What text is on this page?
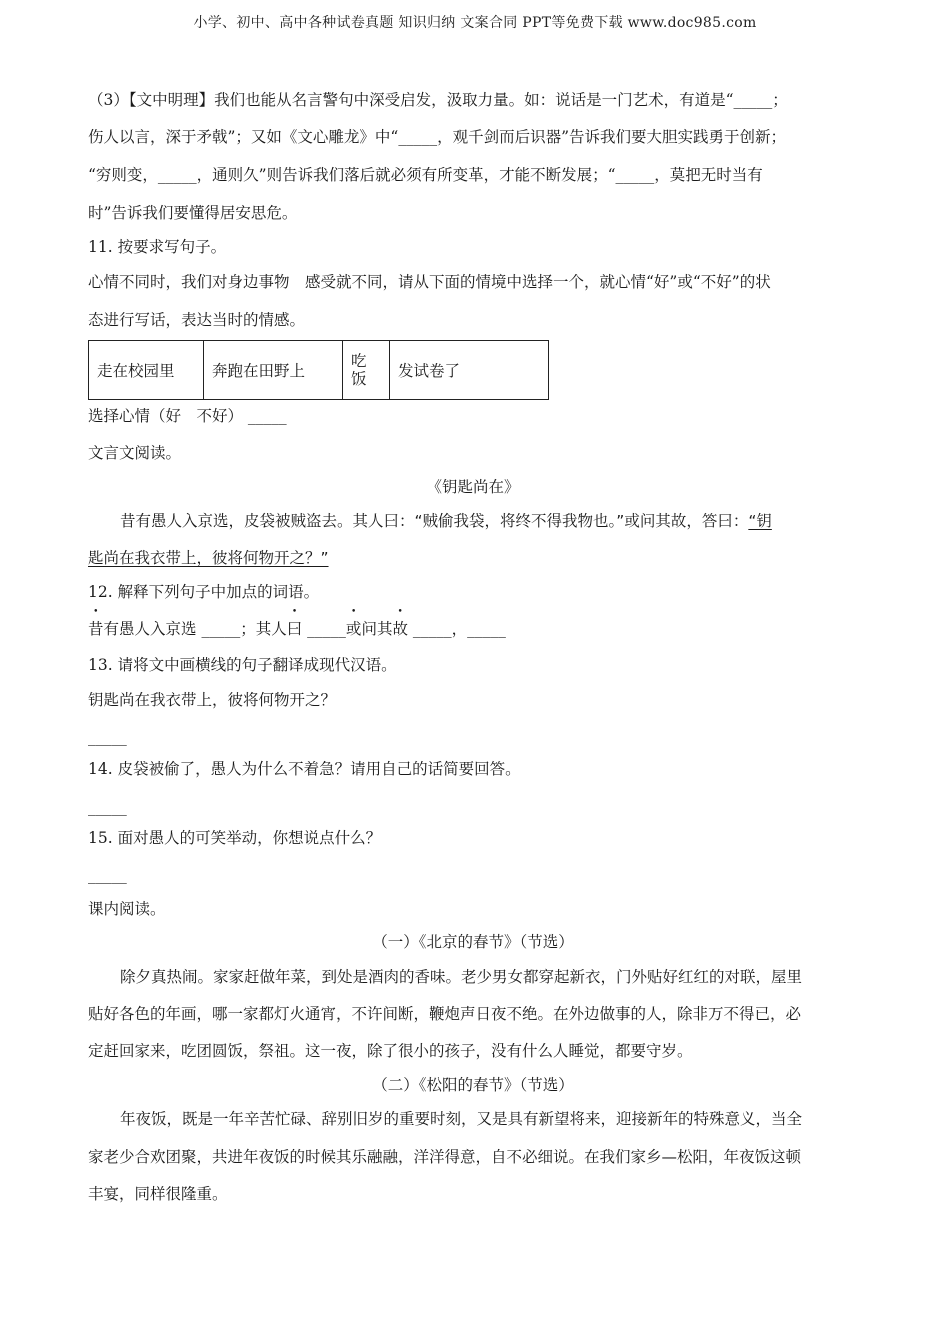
小学、初中、高中各种试卷真题 知识归纳 文案合同 PPT等免费下载 www.doc985.com
（3）【文中明理】我们也能从名言警句中深受启发，汲取力量。如：说话是一门艺术，有道是“_____；
伤人以言，深于矛戟”；又如《文心雕龙》中“_____，观千剑而后识器”告诉我们要大胆实践勇于创新；
“穷则变，_____，通则久”则告诉我们落后就必须有所变革，才能不断发展；“_____，莫把无时当有
时”告诉我们要懂得居安思危。
11. 按要求写句子。
心情不同时，我们对身边事物　感受就不同，请从下面的情境中选择一个，就心情“好”或“不好”的状
态进行写话，表达当时的情感。
走在校园里	奔跑在田野上	吃饭	发试卷了
选择心情（好　不好） _____
文言文阅读。
《钥匙尚在》
昔有愚人入京选，皮袋被贼盗去。其人曰：“贼偷我袋，将终不得我物也。”或问其故，答曰：“钥
匙尚在我衣带上，彼将何物开之？”
12. 解释下列句子中加点的词语。
昔有愚人入京选 _____；其人曰 _____或问其故 _____，_____
13. 请将文中画横线的句子翻译成现代汉语。
钥匙尚在我衣带上，彼将何物开之？
_____
14. 皮袋被偷了，愚人为什么不着急？请用自己的话简要回答。
_____
15. 面对愚人的可笑举动，你想说点什么？
_____
课内阅读。
（一）《北京的春节》（节选）
除夕真热闹。家家赶做年菜，到处是酒肉的香味。老少男女都穿起新衣，门外贴好红红的对联，屋里
贴好各色的年画，哪一家都灯火通宵，不许间断，鞭炮声日夜不绝。在外边做事的人，除非万不得已，必
定赶回家来，吃团圆饭，祭祖。这一夜，除了很小的孩子，没有什么人睡觉，都要守岁。
（二）《松阳的春节》（节选）
年夜饭，既是一年辛苦忙碌、辞别旧岁的重要时刻，又是具有新望将来，迎接新年的特殊意义，当全
家老少合欢团聚，共进年夜饭的时候其乐融融，洋洋得意，自不必细说。在我们家乡—松阳，年夜饭这顿
丰宴，同样很隆重。
